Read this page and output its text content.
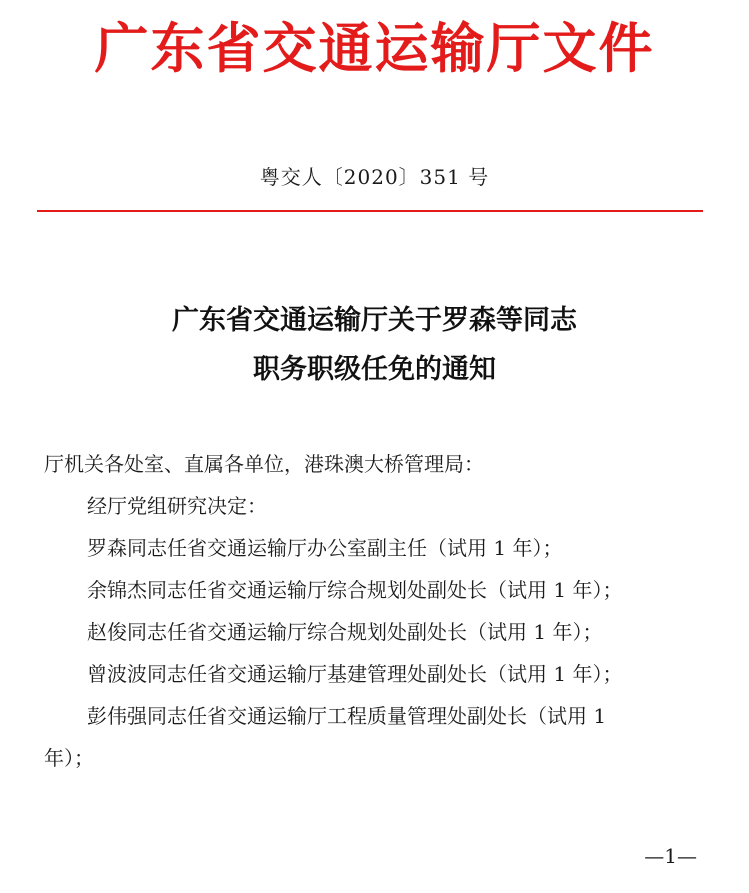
广东省交通运输厅文件
粤交人〔2020〕351 号
广东省交通运输厅关于罗森等同志
职务职级任免的通知
厅机关各处室、直属各单位，港珠澳大桥管理局：
经厅党组研究决定：
罗森同志任省交通运输厅办公室副主任（试用 1 年）；
余锦杰同志任省交通运输厅综合规划处副处长（试用 1 年）；
赵俊同志任省交通运输厅综合规划处副处长（试用 1 年）；
曾波波同志任省交通运输厅基建管理处副处长（试用 1 年）；
彭伟强同志任省交通运输厅工程质量管理处副处长（试用 1
年）；
—1—
